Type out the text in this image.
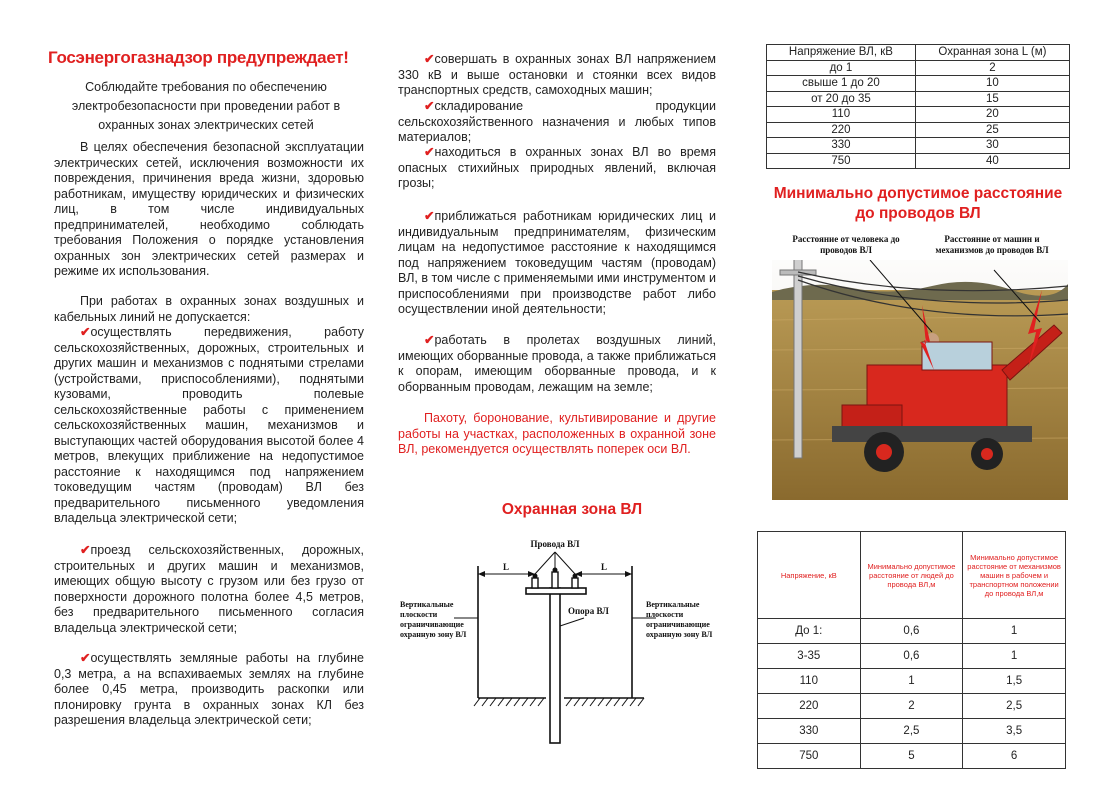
Госэнергогазнадзор предупреждает!
Соблюдайте требования по обеспечению электробезопасности при проведении работ в охранных зонах электрических сетей
В целях обеспечения безопасной эксплуатации электрических сетей, исключения возможности их повреждения, причинения вреда жизни, здоровью работникам, имуществу юридических и физических лиц, в том числе индивидуальных предпринимателей, необходимо соблюдать требования Положения о порядке установления охранных зон электрических сетей размерах и режиме их использования.
При работах в охранных зонах воздушных и кабельных линий не допускается:
✔осуществлять передвижения, работу сельскохозяйственных, дорожных, строительных и других машин и механизмов с поднятыми стрелами (устройствами, приспособлениями), поднятыми кузовами, проводить полевые сельскохозяйственные работы с применением сельскохозяйственных машин, механизмов и выступающих частей оборудования высотой более 4 метров, влекущих приближение на недопустимое расстояние к находящимся под напряжением токоведущим частям (проводам) ВЛ без предварительного письменного уведомления владельца электрической сети;
✔проезд сельскохозяйственных, дорожных, строительных и других машин и механизмов, имеющих общую высоту с грузом или без грузо от поверхности дорожного полотна более 4,5 метров, без предварительного письменного согласия владельца электрической сети;
✔осуществлять земляные работы на глубине 0,3 метра, а на вспахиваемых землях на глубине более 0,45 метра, производить раскопки или плонировку грунта в охранных зонах КЛ без разрешения владельца электрической сети;
✔совершать в охранных зонах ВЛ напряжением 330 кВ и выше остановки и стоянки всех видов транспортных средств, самоходных машин;
✔складирование продукции сельскохозяйственного назначения и любых типов материалов;
✔находиться в охранных зонах ВЛ во время опасных стихийных природных явлений, включая грозы;
✔приближаться работникам юридических лиц и индивидуальным предпринимателям, физическим лицам на недопустимое расстояние к находящимся под напряжением токоведущим частям (проводам) ВЛ, в том числе с применяемыми ими инструментом и приспособлениями при производстве работ либо осуществлении иной деятельности;
✔работать в пролетах воздушных линий, имеющих оборванные провода, а также приближаться к опорам, имеющим оборванные провода, и к оборванным проводам, лежащим на земле;
Пахоту, боронование, культивирование и другие работы на участках, расположенных в охранной зоне ВЛ, рекомендуется осуществлять поперек оси ВЛ.
Охранная зона ВЛ
Провода ВЛ
L	L
Опора ВЛ
Вертикальные плоскости ограничивающие охранную зону ВЛ
Вертикальные плоскости ограничивающие охранную зону ВЛ
Напряжение ВЛ, кВ	Охранная зона L (м)
до 1	2
свыше 1 до 20	10
от 20 до 35	15
110	20
220	25
330	30
750	40
Минимально допустимое расстояние до проводов ВЛ
Расстояние от человека до проводов ВЛ
Расстояние от машин и механизмов до проводов ВЛ
Напряжение, кВ	Минимально допустимое расстояние от людей до провода ВЛ,м	Минимально допустимое расстояние от механизмов машин в рабочем и транспортном положении до провода ВЛ,м
До 1:	0,6	1
3-35	0,6	1
110	1	1,5
220	2	2,5
330	2,5	3,5
750	5	6
